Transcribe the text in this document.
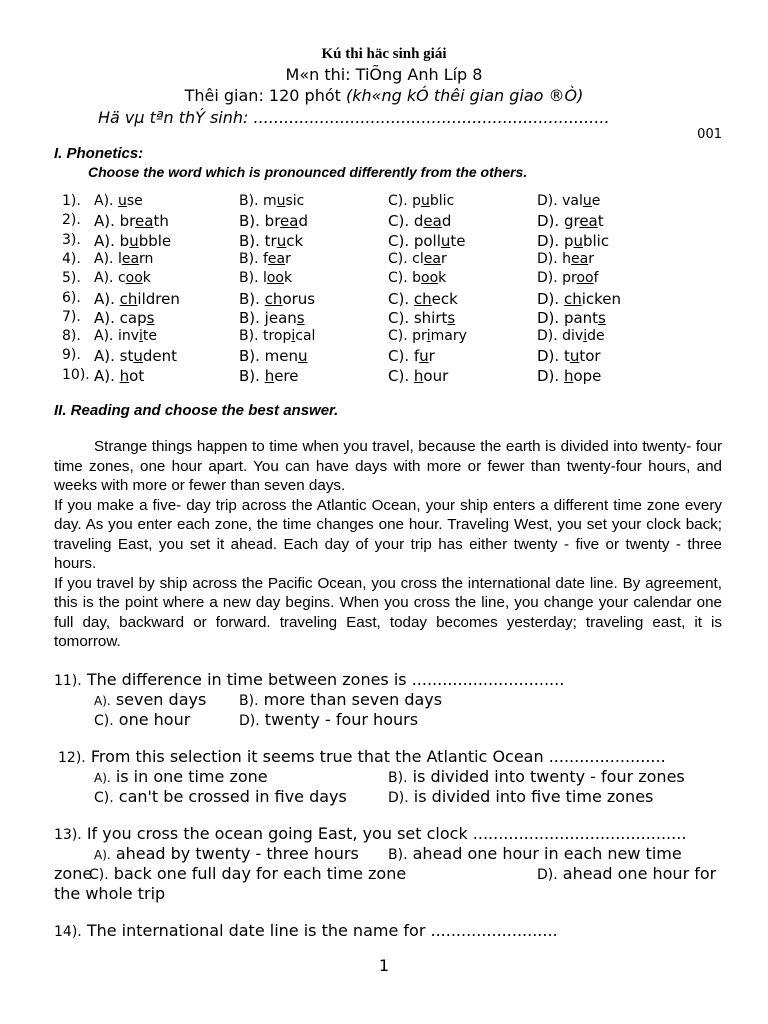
Kú thi häc sinh giái
M«n thi: TiÕng Anh Líp 8
Thêi gian: 120 phót (kh«ng kÓ thêi gian giao ®Ò)
Hä vµ tªn thÝ sinh: ......................................................................
001
I. Phonetics:
Choose the word which is pronounced differently from the others.
1). A). use	B). music	C). public	D). value
2). A). breath	B). bread	C). dead	D). great
3). A). bubble	B). truck	C). pollute	D). public
4). A). learn	B). fear	C). clear	D). hear
5). A). cook	B). look	C). book	D). proof
6). A). children	B). chorus	C). check	D). chicken
7). A). caps	B). jeans	C). shirts	D). pants
8). A). invite	B). tropical	C). primary	D). divide
9). A). student	B). menu	C). fur	D). tutor
10). A). hot	B). here	C). hour	D). hope
II. Reading and choose the best answer.

Strange things happen to time when you travel, because the earth is divided into twenty- four time zones, one hour apart. You can have days with more or fewer than twenty-four hours, and weeks with more or fewer than seven days.

If you make a five- day trip across the Atlantic Ocean, your ship enters a different time zone every day. As you enter each zone, the time changes one hour. Traveling West, you set your clock back; traveling East, you set it ahead. Each day of your trip has either twenty - five or twenty - three hours.

If you travel by ship across the Pacific Ocean, you cross the international date line. By agreement, this is the point where a new day begins. When you cross the line, you change your calendar one full day, backward or forward. traveling East, today becomes yesterday; traveling east, it is tomorrow.

11). The difference in time between zones is ..............................
A). seven days B). more than seven days
C). one hour	D). twenty - four hours
12). From this selection it seems true that the Atlantic Ocean .......................
A). is in one time zone	B). is divided into twenty - four zones
C). can't be crossed in five days	D). is divided into five time zones
13). If you cross the ocean going East, you set clock ..........................................
A). ahead by twenty - three hours B). ahead one hour in each new time
zone
C). back one full day for each time zone	D). ahead one hour for
the whole trip
14). The international date line is the name for .........................
1
